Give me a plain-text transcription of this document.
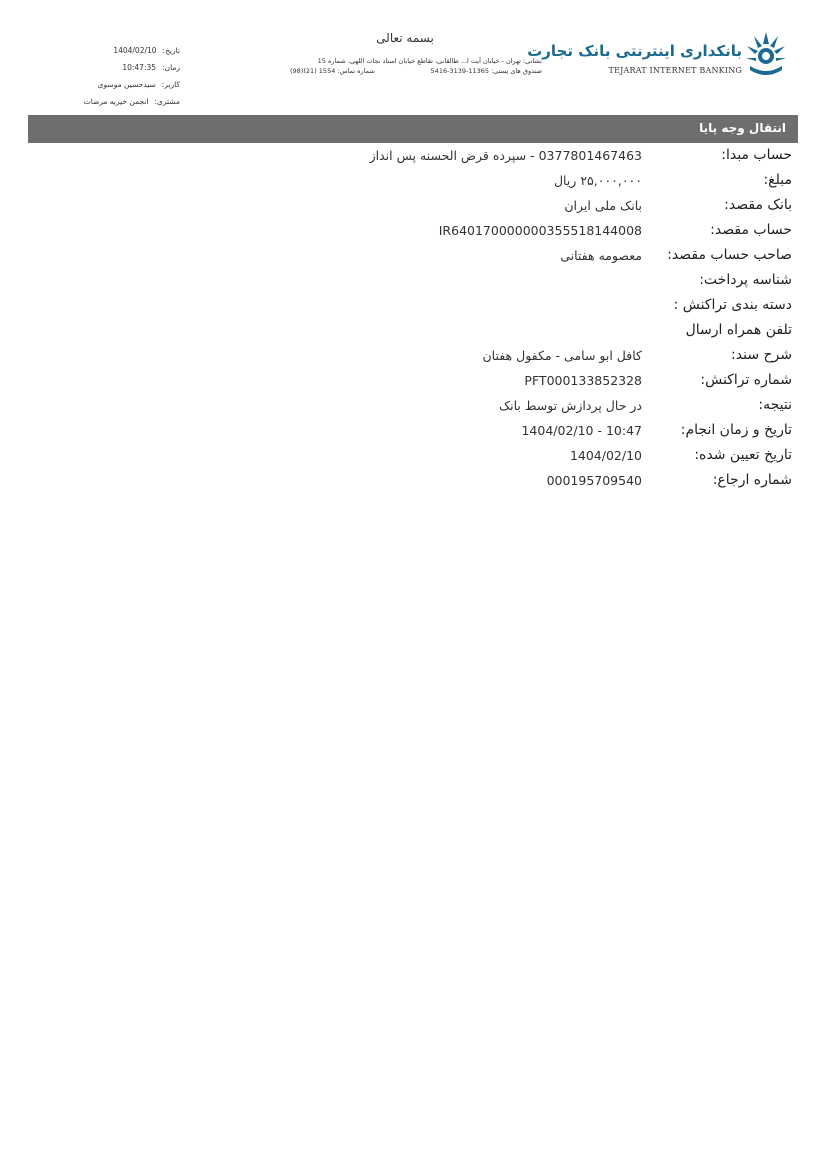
بانکداری اینترنتی بانک تجارت
TEJARAT INTERNET BANKING
بسمه تعالی
نشانی: تهران - خیابان آیت ا... طالقانی، تقاطع خیابان استاد نجات اللهی، شماره 15
صندوق های پستی: 11365-3139-5416
شماره تماس: 1554 (21)(98)
تاریخ:
1404/02/10
زمان:
10:47:35
کاربر:
سیدحسین موسوی
مشتری:
انجمن خیریه مرضات
انتقال وجه پایا
حساب مبدا:
0377801467463 - سپرده قرض الحسنه پس انداز
مبلغ:
۲۵,۰۰۰,۰۰۰ ریال
بانک مقصد:
بانک ملی ایران
حساب مقصد:
IR640170000000355518144008
صاحب حساب مقصد:
معصومه هفتانی
شناسه پرداخت:
دسته بندی تراکنش :
تلفن همراه ارسال
شرح سند:
کافل ابو سامی - مکفول هفتان
شماره تراکنش:
PFT000133852328
نتیجه:
در حال پردازش توسط بانک
تاریخ و زمان انجام:
1404/02/10 - 10:47
تاریخ تعیین شده:
1404/02/10
شماره ارجاع:
000195709540
